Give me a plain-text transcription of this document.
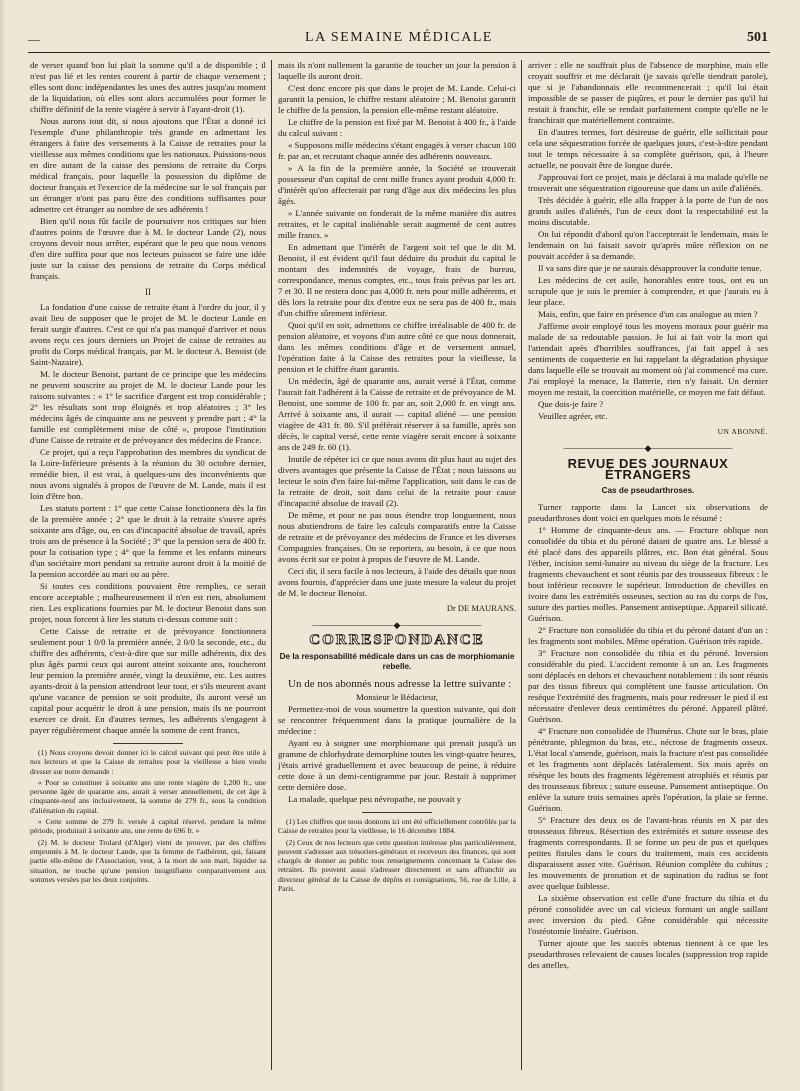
—	LA SEMAINE MÉDICALE	501

de verser quand bon lui plait la somme qu'il a de disponible ; il n'est pas lié et les rentes courent à partir de chaque versement ; elles sont donc indépendantes les unes des autres jusqu'au moment de la liquidation, où elles sont alors accumulées pour former le chiffre définitif de la rente viagère à servir à l'ayant-droit (1).

Nous aurons tout dit, si nous ajoutons que l'État a donné ici l'exemple d'une philanthropie très grande en admettant les étrangers à faire des versements à la Caisse de retraites pour la vieillesse aux mêmes conditions que les nationaux. Puissions-nous en dire autant de la caisse des pensions de retraite du Corps médical français, pour laquelle la possession du diplôme de docteur français et l'exercice de la médecine sur le sol français par un étranger n'ont pas paru être des conditions suffisantes pour admettre cet étranger au nombre de ses adhérents !

Bien qu'il nous fût facile de poursuivre nos critiques sur bien d'autres points de l'œuvre due à M. le docteur Lande (2), nous croyons devoir nous arrêter, espérant que le peu que nous venons d'en dire suffira pour que nos lecteurs puissent se faire une idée juste sur la caisse des pensions de retraite du Corps médical français.

II

La fondation d'une caisse de retraite étant à l'ordre du jour, il y avait lieu de supposer que le projet de M. le docteur Lande en ferait surgir d'autres. C'est ce qui n'a pas manqué d'arriver et nous avons reçu ces jours derniers un Projet de caisse de retraites au profit du Corps médical français, par M. le docteur A. Benoist (de Saint-Nazaire).

M. le docteur Benoist, partant de ce principe que les médecins ne peuvent souscrire au projet de M. le docteur Lande pour les raisons suivantes : « 1° le sacrifice d'argent est trop considérable ; 2° les résultats sont trop éloignés et trop aléatoires ; 3° les médecins âgés de cinquante ans ne peuvent y prendre part ; 4° la famille est complètement mise de côté », propose l'institution d'une Caisse de retraite et de prévoyance des médecins de France.

Ce projet, qui a reçu l'approbation des membres du syndicat de la Loire-Inférieure présents à la réunion du 30 octobre dernier, remédie bien, il est vrai, à quelques-uns des inconvénients que nous avons signalés à propos de l'œuvre de M. Lande, mais il est loin d'être bon.

Les statuts portent : 1° que cette Caisse fonctionnera dès la fin de la première année ; 2° que le droit à la retraite s'ouvre après soixante ans d'âge, ou, en cas d'incapacité absolue de travail, après trois ans de présence à la Société ; 3° que la pension sera de 400 fr. pour la cotisation type ; 4° que la femme et les enfants mineurs d'un sociétaire mort pendant sa retraite auront droit à la moitié de la pension accordée au mari ou au père.

Si toutes ces conditions pouvaient être remplies, ce serait encore acceptable ; malheureusement il n'en est rien, absolument rien. Les explications fournies par M. le docteur Benoist dans son projet, nous forcent à lire les statuts ci-dessus comme suit :

Cette Caisse de retraite et de prévoyance fonctionnera seulement pour 1 0/0 la première année, 2 0/0 la seconde, etc., du chiffre des adhérents, c'est-à-dire que sur mille adhérents, dix des plus âgés parmi ceux qui auront atteint soixante ans, toucheront leur pension la première année, vingt la deuxième, etc. Les autres ayants-droit à la pension attendront leur tour, et s'ils meurent avant qu'une vacance de pension se soit produite, ils auront versé un capital pour acquérir le droit à une pension, mais ils ne pourront exercer ce droit. En d'autres termes, les adhérents s'engagent à payer régulièrement chaque année la somme de cent francs,

(1) Nous croyons devoir donner ici le calcul suivant qui peut être utile à nos lecteurs et que la Caisse de retraites pour la vieillesse a bien voulu dresser sur notre demande :

« Pour se constituer à soixante ans une rente viagère de 1,200 fr., une personne âgée de quarante ans, aurait à verser annuellement, de cet âge à cinquante-neuf ans inclusivement, la somme de 279 fr., sous la condition d'aliénation du capital.

» Cette somme de 279 fr. versée à capital réservé, pendant la même période, produirait à soixante ans, une rente de 696 fr. »

(2) M. le docteur Trolard (d'Alger) vient de prouver, par des chiffres empruntés à M. le docteur Lande, que la femme de l'adhérent, qui, faisant partie elle-même de l'Association, veut, à la mort de son mari, liquider sa situation, ne touche qu'une pension insignifiante comparativement aux sommes versées par les deux conjoints.

mais ils n'ont nullement la garantie de toucher un jour la pension à laquelle ils auront droit.

C'est donc encore pis que dans le projet de M. Lande. Celui-ci garantit la pension, le chiffre restant aléatoire ; M. Benoist garantit le chiffre de la pension, la pension elle-même restant aléatoire.

Le chiffre de la pension est fixé par M. Benoist à 400 fr., à l'aide du calcul suivant :

« Supposons mille médecins s'étant engagés à verser chacun 100 fr. par an, et recrutant chaque année des adhérents nouveaux.

» A la fin de la première année, la Société se trouverait possesseur d'un capital de cent mille francs ayant produit 4,000 fr. d'intérêt qu'on affecterait par rang d'âge aux dix médecins les plus âgés.

» L'année suivante on fonderait de la même manière dix autres retraites, et le capital inaliénable serait augmenté de cent autres mille francs. »

En admettant que l'intérêt de l'argent soit tel que le dit M. Benoist, il est évident qu'il faut déduire du produit du capital le montant des indemnités de voyage, frais de bureau, correspondance, menus comptes, etc., tous frais prévus par les art. 7 et 30. Il ne restera donc pas 4,000 fr. nets pour mille adhérents, et dès lors la retraite pour dix d'entre eux ne sera pas de 400 fr., mais d'un chiffre sûrement inférieur.

Quoi qu'il en soit, admettons ce chiffre irréalisable de 400 fr. de pension aléatoire, et voyons d'un autre côté ce que nous donnerait, dans les mêmes conditions d'âge et de versement annuel, l'opération faite à la Caisse des retraites pour la vieillesse, la pension et le chiffre étant garantis.

Un médecin, âgé de quarante ans, aurait versé à l'État, comme l'aurait fait l'adhérent à la Caisse de retraite et de prévoyance de M. Benoist, une somme de 100 fr. par an, soit 2,000 fr. en vingt ans. Arrivé à soixante ans, il aurait — capital aliéné — une pension viagère de 431 fr. 80. S'il préférait réserver à sa famille, après son décès, le capital versé, cette rente viagère serait encore à soixante ans de 249 fr. 60 (1).

Inutile de répéter ici ce que nous avons dit plus haut au sujet des divers avantages que présente la Caisse de l'État ; nous laissons au lecteur le soin d'en faire lui-même l'application, soit dans le cas de la retraite de droit, soit dans celui de la retraite pour cause d'incapacité absolue de travail (2).

De même, et pour ne pas nous étendre trop longuement, nous nous abstiendrons de faire les calculs comparatifs entre la Caisse de retraite et de prévoyance des médecins de France et les diverses Compagnies françaises. On se reportera, au besoin, à ce que nous avons écrit sur ce point à propos de l'œuvre de M. Lande.

Ceci dit, il sera facile à nos lecteurs, à l'aide des détails que nous avons fournis, d'apprécier dans une juste mesure la valeur du projet de M. le docteur Benoist.

Dr DE MAURANS.

―――――――――◆―――――――――

CORRESPONDANCE

De la responsabilité médicale dans un cas de morphiomanie rebelle.

Un de nos abonnés nous adresse la lettre suivante :

Monsieur le Rédacteur,

Permettez-moi de vous soumettre la question suivante, qui doit se rencontrer fréquemment dans la pratique journalière de la médecine :

Ayant eu à soigner une morphiomane qui prenait jusqu'à un gramme de chlorhydrate demorphine toutes les vingt-quatre heures, j'étais arrivé graduellement et avec beaucoup de peine, à réduire cette dose à un demi-centigramme par jour. Restait à supprimer cette dernière dose.

La malade, quelque peu névropathe, ne pouvait y

(1) Les chiffres que nous donnons ici ont été officiellement contrôlés par la Caisse de retraites pour la vieillesse, le 16 décembre 1884.

(2) Ceux de nos lecteurs que cette question intéresse plus particulièrement, peuvent s'adresser aux trésoriers-généraux et receveurs des finances, qui sont chargés de donner au public tous renseignements concernant la Caisse des retraites. Ils peuvent aussi s'adresser directement et sans affranchir au directeur général de la Caisse de dépôts et consignations, 56, rue de Lille, à Paris.

arriver : elle ne souffrait plus de l'absence de morphine, mais elle croyait souffrir et me déclarait (je savais qu'elle tiendrait parole), que si je l'abandonnais elle recommencerait ; qu'il lui était impossible de se passer de piqûres, et pour le dernier pas qu'il lui restait à franchir, elle se rendait parfaitement compte qu'elle ne le franchirait que matériellement contrainte.

En d'autres termes, fort désireuse de guérir, elle sollicitait pour cela une séquestration forcée de quelques jours, c'est-à-dire pendant tout le temps nécessaire à sa complète guérison, qui, à l'heure actuelle, ne pouvait être de longue durée.

J'approuvai fort ce projet, mais je déclarai à ma malade qu'elle ne trouverait une séquestration rigoureuse que dans un asile d'aliénés.

Très décidée à guérir, elle alla frapper à la porte de l'un de nos grands asiles d'aliénés, l'un de ceux dont la respectabilité est la moins discutable.

On lui répondit d'abord qu'on l'accepterait le lendemain, mais le lendemain on lui faisait savoir qu'après mûre réflexion on ne pouvait accéder à sa demande.

Il va sans dire que je ne saurais désapprouver la conduite tenue.

Les médecins de cet asile, honorables entre tous, ont eu un scrupule que je suis le premier à comprendre, et que j'aurais eu à leur place.

Mais, enfin, que faire en présence d'un cas analogue au mien ?

J'affirme avoir employé tous les moyens moraux pour guérir ma malade de sa redoutable passion. Je lui ai fait voir la mort qui l'attendait après d'horribles souffrances, j'ai fait appel à ses sentiments de coquetterie en lui rappelant la dégradation physique dans laquelle elle se trouvait au moment où j'ai commencé ma cure. J'ai employé la menace, la flatterie, rien n'y faisait. Un dernier moyen me restait, la coercition matérielle, ce moyen me fait défaut.

Que dois-je faire ?

Veuillez agréer, etc.

UN ABONNÉ.

―――――――――◆―――――――――

REVUE DES JOURNAUX ÉTRANGERS

Cas de pseudarthroses.

Turner rapporte dans la Lancet six observations de pseudarthroses dont voici en quelques mots le résumé :

1° Homme de cinquante-deux ans. — Fracture oblique non consolidée du tibia et du péroné datant de quatre ans. Le blessé a été placé dans des appareils plâtres, etc. Bon état général. Sous l'éther, incision semi-lunaire au niveau du siège de la fracture. Les fragments chevauchent et sont réunis par des trousseaux fibreux : le bout inférieur recouvre le supérieur. Introduction de chevilles en ivoire dans les extrémités osseuses, section au ras du corps de l'os, suture des parties molles. Pansement antiseptique. Appareil silicaté. Guérison.

2° Fracture non consolidée du tibia et du péroné datant d'un an : les fragments sont mobiles. Même opération. Guérison très rapide.

3° Fracture non consolidée du tibia et du péroné. Inversion considérable du pied. L'accident remonte à un an. Les fragments sont déplacés en dehors et chevauchent notablement : ils sont réunis par des tissus fibreux qui complètent une fausse articulation. On resèque l'extrémité des fragments, mais pour redresser le pied il est nécessaire d'enlever deux centimètres du péroné. Appareil plâtré. Guérison.

4° Fracture non consolidée de l'humérus. Chute sur le bras, plaie pénétrante, phlegmon du bras, etc., nécrose de fragments osseux. L'état local s'amende, guérison, mais la fracture n'est pas consolidée et les fragments sont déplacés latéralement. Six mois après on résèque les bouts des fragments légèrement atrophiés et réunis par des trousseaux fibreux ; suture osseuse. Pansement antiseptique. On enlève la suture trois semaines après l'opération, la plaie se ferme. Guérison.

5° Fracture des deux os de l'avant-bras réunis en X par des trousseaux fibreux. Résection des extrémités et suture osseuse des fragments correspondants. Il se forme un peu de pus et quelques petites fistules dans le cours du traitement, mais ces accidents disparaissent assez vite. Guérison. Réunion complète du cubitus ; les mouvements de pronation et de supination du radius se font avec quelque faiblesse.

La sixième observation est celle d'une fracture du tibia et du péroné consolidée avec un cal vicieux formant un angle saillant avec inversion du pied. Gêne considérable qui nécessite l'ostéotomie linéaire. Guérison.

Turner ajoute que les succès obtenus tiennent à ce que les pseudarthroses relevaient de causes locales (suppression trop rapide des attelles,
